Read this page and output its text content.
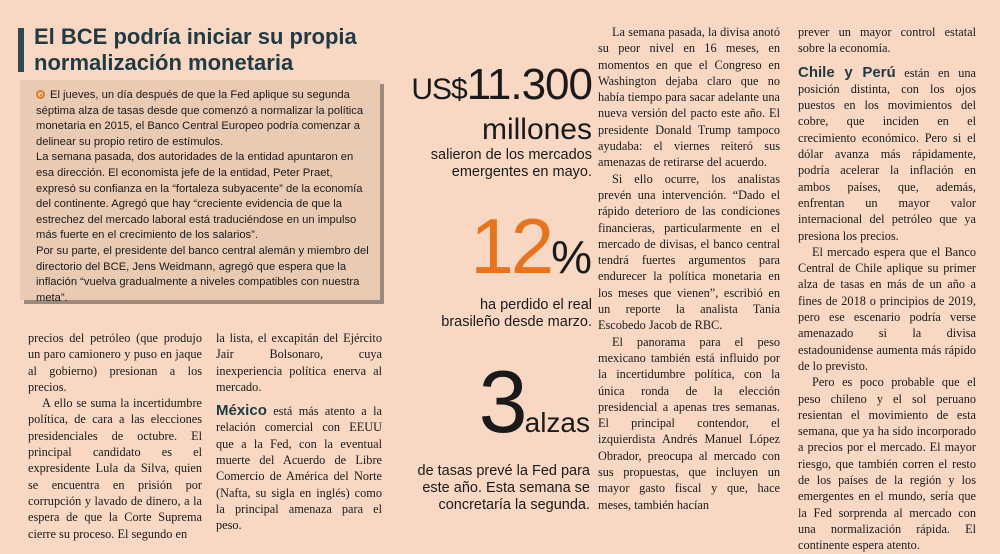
El BCE podría iniciar su propia
normalización monetaria

El jueves, un día después de que la Fed aplique su segunda séptima alza de tasas desde que comenzó a normalizar la política monetaria en 2015, el Banco Central Europeo podría comenzar a delinear su propio retiro de estímulos.

La semana pasada, dos autoridades de la entidad apuntaron en esa dirección. El economista jefe de la entidad, Peter Praet, expresó su confianza en la “fortaleza subyacente” de la economía del continente. Agregó que hay “creciente evidencia de que la estrechez del mercado laboral está traduciéndose en un impulso más fuerte en el crecimiento de los salarios”.

Por su parte, el presidente del banco central alemán y miembro del directorio del BCE, Jens Weidmann, agregó que espera que la inflación “vuelva gradualmente a niveles compatibles con nuestra meta”.

precios del petróleo (que produjo un paro camionero y puso en jaque al gobierno) presionan a los precios.

A ello se suma la incertidumbre política, de cara a las elecciones presidenciales de octubre. El principal candidato es el expresidente Lula da Silva, quien se encuentra en prisión por corrupción y lavado de dinero, a la espera de que la Corte Suprema cierre su proceso. El segundo en

la lista, el excapitán del Ejército Jair Bolsonaro, cuya inexperiencia política enerva al mercado.

México está más atento a la relación comercial con EEUU que a la Fed, con la eventual muerte del Acuerdo de Libre Comercio de América del Norte (Nafta, su sigla en inglés) como la principal amenaza para el peso.

US$11.300
millones
salieron de los mercados
emergentes en mayo.
12%
ha perdido el real
brasileño desde marzo.
3alzas
de tasas prevé la Fed para
este año. Esta semana se
concretaría la segunda.

La semana pasada, la divisa anotó su peor nivel en 16 meses, en momentos en que el Congreso en Washington dejaba claro que no había tiempo para sacar adelante una nueva versión del pacto este año. El presidente Donald Trump tampoco ayudaba: el viernes reiteró sus amenazas de retirarse del acuerdo.

Si ello ocurre, los analistas prevén una intervención. “Dado el rápido deterioro de las condiciones financieras, particularmente en el mercado de divisas, el banco central tendrá fuertes argumentos para endurecer la política monetaria en los meses que vienen”, escribió en un reporte la analista Tania Escobedo Jacob de RBC.

El panorama para el peso mexicano también está influido por la incertidumbre política, con la única ronda de la elección presidencial a apenas tres semanas. El principal contendor, el izquierdista Andrés Manuel López Obrador, preocupa al mercado con sus propuestas, que incluyen un mayor gasto fiscal y que, hace meses, también hacían

prever un mayor control estatal sobre la economía.

Chile y Perú están en una posición distinta, con los ojos puestos en los movimientos del cobre, que inciden en el crecimiento económico. Pero si el dólar avanza más rápidamente, podría acelerar la inflación en ambos países, que, además, enfrentan un mayor valor internacional del petróleo que ya presiona los precios.

El mercado espera que el Banco Central de Chile aplique su primer alza de tasas en más de un año a fines de 2018 o principios de 2019, pero ese escenario podría verse amenazado si la divisa estadounidense aumenta más rápido de lo previsto.

Pero es poco probable que el peso chileno y el sol peruano resientan el movimiento de esta semana, que ya ha sido incorporado a precios por el mercado. El mayor riesgo, que también corren el resto de los países de la región y los emergentes en el mundo, sería que la Fed sorprenda al mercado con una normalización rápida. El continente espera atento.
